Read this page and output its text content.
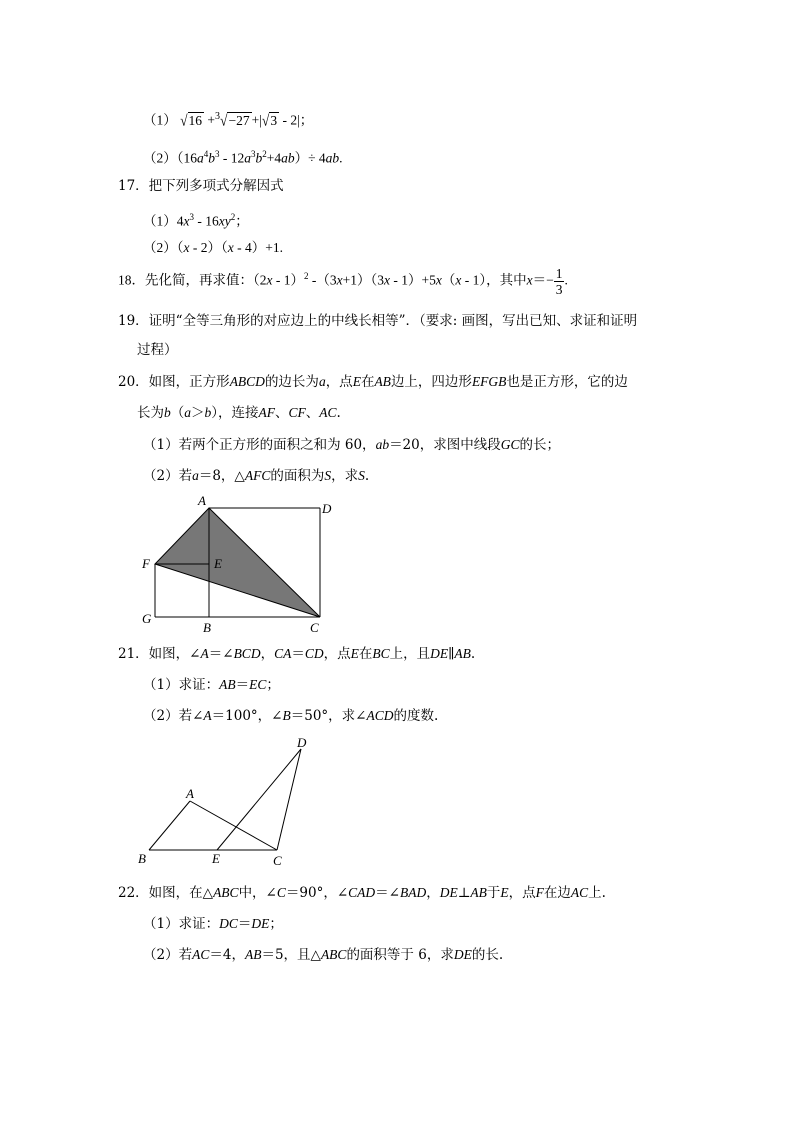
（1） √16 +$^3$√−27 +|√3 - 2|；
$(2)(16a^4b^3 - 12a^3b^2+4ab)\div 4ab$.
17．把下列多项式分解因式
$(1)4x^3 - 16xy^2$；
（2）（x - 2）（x - 4）+1.
18．先化简，再求值：（2x - 1）$^2$ -（3x+1）（3x - 1）+5x（x - 1），其中$x=- \frac{1}{3}$ .
19．证明“全等三角形的对应边上的中线长相等”．（要求: 画图，写出已知、求证和证明
过程）
20．如图，正方形ABCD的边长为a，点E在AB边上，四边形EFGB也是正方形，它的边
长为b（a＞b），连接AF、CF、AC.
（1）若两个正方形的面积之和为 60，ab＝20，求图中线段GC的长；
（2）若a＝8，△AFC的面积为S，求S.
A
D
F	E
G
B	C
21．如图，∠A＝∠BCD，CA＝CD，点E在BC上，且DE∥AB.
（1）求证：AB＝EC；
（2）若∠A＝100°，∠B＝50°，求∠ACD的度数.
D
A
B	E	C
22．如图，在△ABC中，∠C＝90°，∠CAD＝∠BAD，DE⊥AB于E，点F在边AC上.
（1）求证：DC＝DE；
（2）若AC＝4，AB＝5，且△ABC的面积等于 6，求DE的长.
